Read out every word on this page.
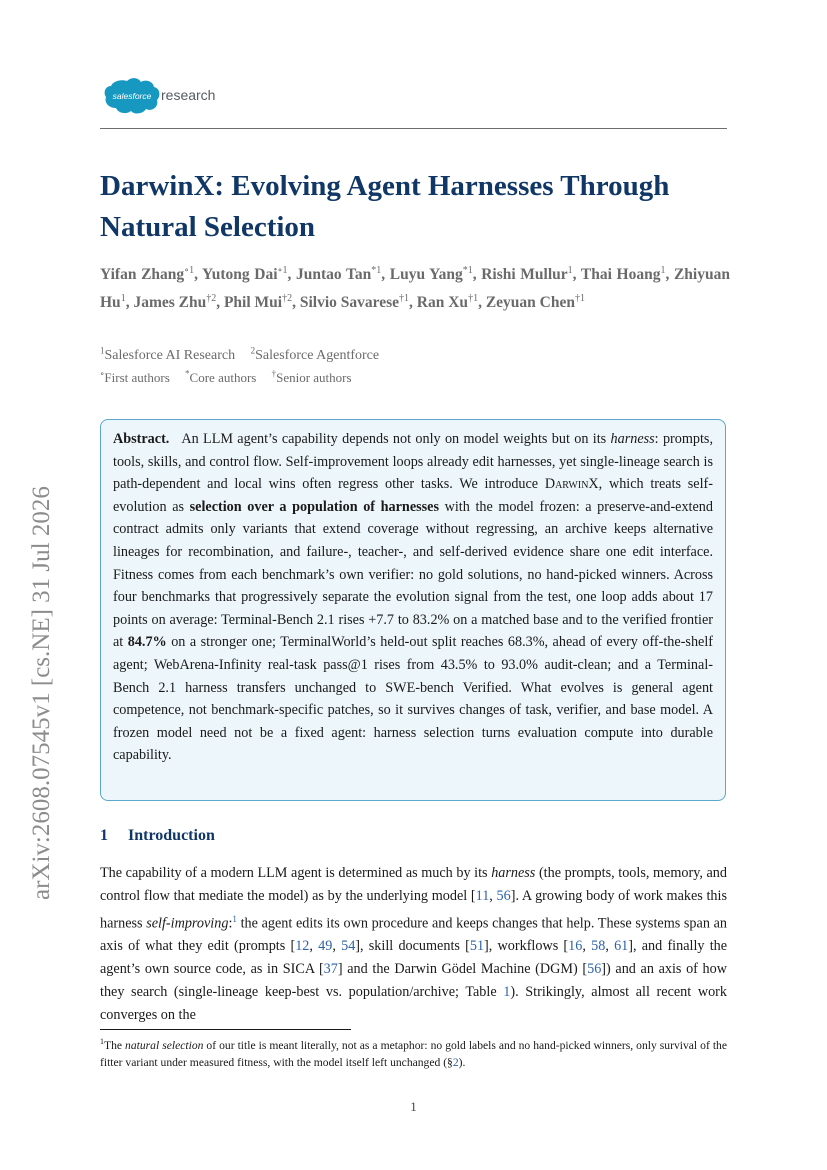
salesforce research
arXiv:2608.07545v1 [cs.NE] 31 Jul 2026
DarwinX: Evolving Agent Harnesses Through Natural Selection
Yifan Zhang$^{\circ 1}$, Yutong Dai$^{\circ 1}$, Juntao Tan$^{*1}$, Luyu Yang$^{*1}$, Rishi Mullur$^1$, Thai Hoang$^1$, Zhiyuan Hu$^1$, James Zhu$^{\dagger 2}$, Phil Mui$^{\dagger 2}$, Silvio Savarese$^{\dagger 1}$, Ran Xu$^{\dagger 1}$, Zeyuan Chen$^{\dagger 1}$
$^1$Salesforce AI Research $^2$Salesforce Agentforce
∘First authors *Core authors †Senior authors
Abstract. An LLM agent’s capability depends not only on model weights but on its harness: prompts, tools, skills, and control flow. Self-improvement loops already edit harnesses, yet single-lineage search is path-dependent and local wins often regress other tasks. We introduce DarwinX, which treats self-evolution as selection over a population of harnesses with the model frozen: a preserve-and-extend contract admits only variants that extend coverage without regressing, an archive keeps alternative lineages for recombination, and failure-, teacher-, and self-derived evidence share one edit interface. Fitness comes from each benchmark’s own verifier: no gold solutions, no hand-picked winners. Across four benchmarks that progressively separate the evolution signal from the test, one loop adds about 17 points on average: Terminal-Bench 2.1 rises +7.7 to 83.2% on a matched base and to the verified frontier at 84.7% on a stronger one; TerminalWorld’s held-out split reaches 68.3%, ahead of every off-the-shelf agent; WebArena-Infinity real-task pass@1 rises from 43.5% to 93.0% audit-clean; and a Terminal-Bench 2.1 harness transfers unchanged to SWE-bench Verified. What evolves is general agent competence, not benchmark-specific patches, so it survives changes of task, verifier, and base model. A frozen model need not be a fixed agent: harness selection turns evaluation compute into durable capability.
1 Introduction
The capability of a modern LLM agent is determined as much by its harness (the prompts, tools, memory, and control flow that mediate the model) as by the underlying model [11, 56]. A growing body of work makes this harness self-improving:$^1$ the agent edits its own procedure and keeps changes that help. These systems span an axis of what they edit (prompts [12, 49, 54], skill documents [51], workflows [16, 58, 61], and finally the agent’s own source code, as in SICA [37] and the Darwin Gödel Machine (DGM) [56]) and an axis of how they search (single-lineage keep-best vs. population/archive; Table 1). Strikingly, almost all recent work converges on the
$^1$The natural selection of our title is meant literally, not as a metaphor: no gold labels and no hand-picked winners, only survival of the fitter variant under measured fitness, with the model itself left unchanged (§2).
1
